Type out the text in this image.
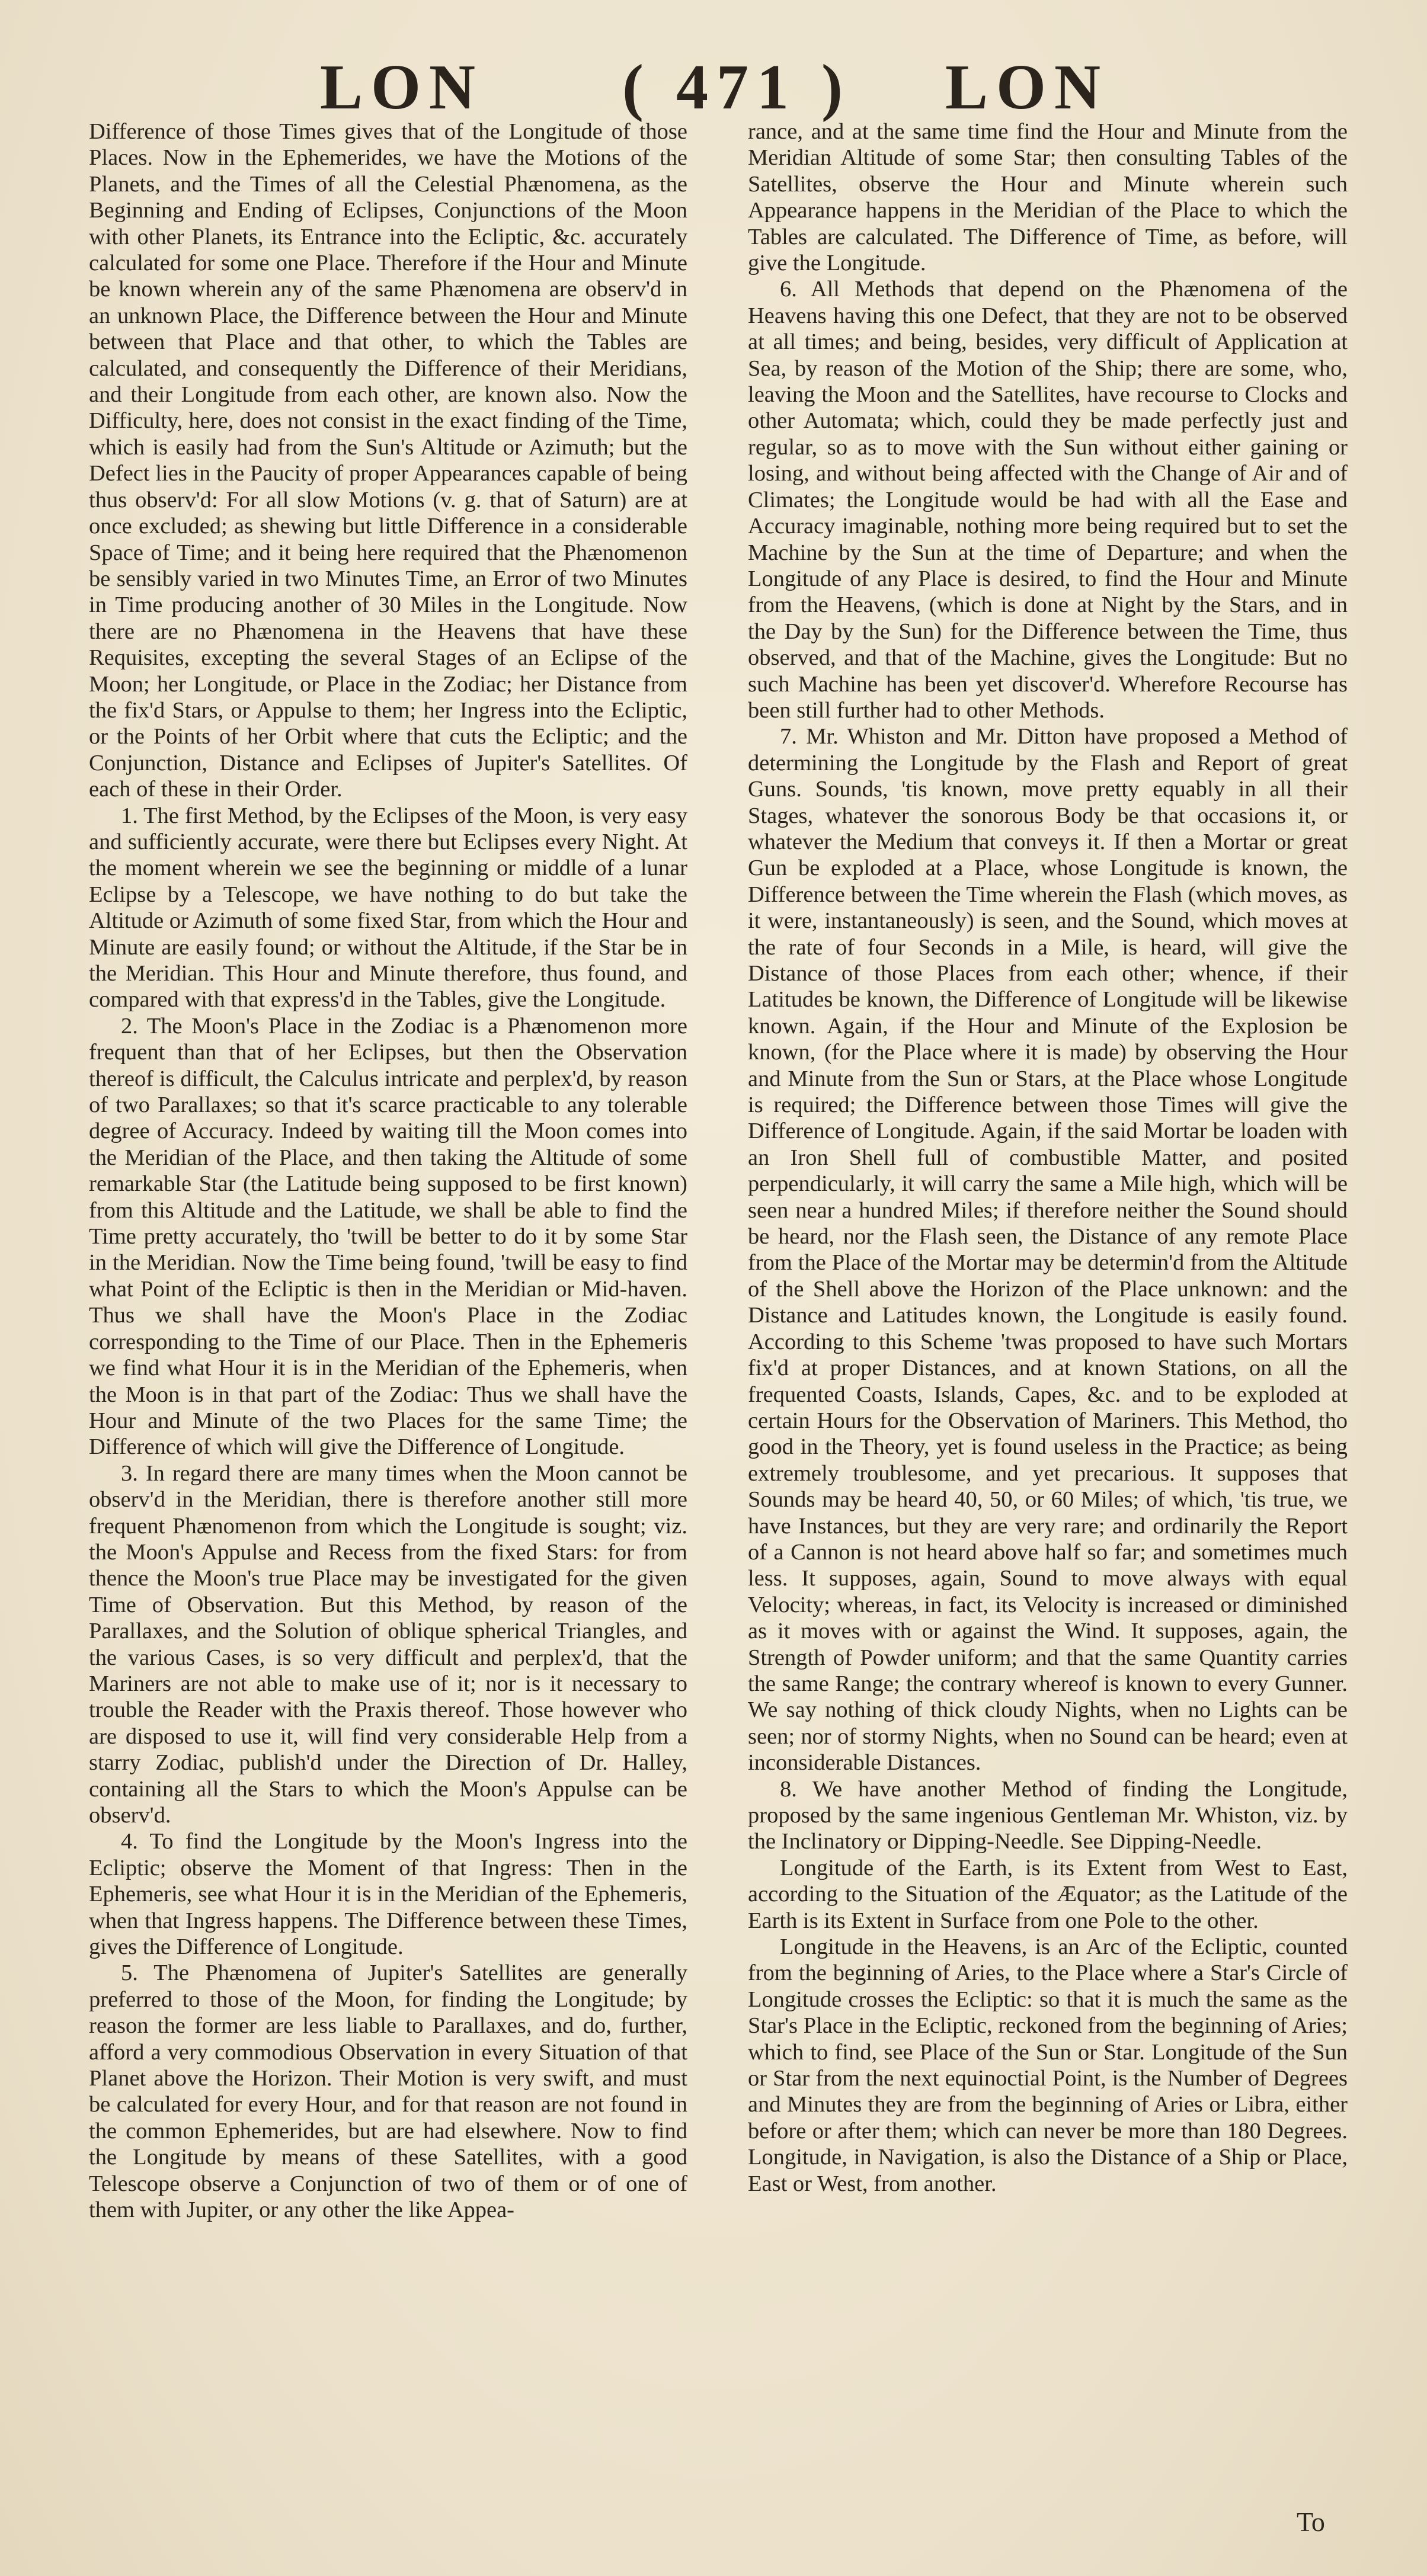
LON ( 471 ) LON

Difference of those Times gives that of the Longitude of those Places. Now in the Ephemerides, we have the Motions of the Planets, and the Times of all the Celestial Phænomena, as the Beginning and Ending of Eclipses, Conjunctions of the Moon with other Planets, its Entrance into the Ecliptic, &c. accurately calculated for some one Place. Therefore if the Hour and Minute be known wherein any of the same Phænomena are observ'd in an unknown Place, the Difference between the Hour and Minute between that Place and that other, to which the Tables are calculated, and consequently the Difference of their Meridians, and their Longitude from each other, are known also. Now the Difficulty, here, does not consist in the exact finding of the Time, which is easily had from the Sun's Altitude or Azimuth; but the Defect lies in the Paucity of proper Appearances capable of being thus observ'd: For all slow Motions (v. g. that of Saturn) are at once excluded; as shewing but little Difference in a considerable Space of Time; and it being here required that the Phænomenon be sensibly varied in two Minutes Time, an Error of two Minutes in Time producing another of 30 Miles in the Longitude. Now there are no Phænomena in the Heavens that have these Requisites, excepting the several Stages of an Eclipse of the Moon; her Longitude, or Place in the Zodiac; her Distance from the fix'd Stars, or Appulse to them; her Ingress into the Ecliptic, or the Points of her Orbit where that cuts the Ecliptic; and the Conjunction, Distance and Eclipses of Jupiter's Satellites. Of each of these in their Order.

1. The first Method, by the Eclipses of the Moon, is very easy and sufficiently accurate, were there but Eclipses every Night. At the moment wherein we see the beginning or middle of a lunar Eclipse by a Telescope, we have nothing to do but take the Altitude or Azimuth of some fixed Star, from which the Hour and Minute are easily found; or without the Altitude, if the Star be in the Meridian. This Hour and Minute therefore, thus found, and compared with that express'd in the Tables, give the Longitude.

2. The Moon's Place in the Zodiac is a Phænomenon more frequent than that of her Eclipses, but then the Observation thereof is difficult, the Calculus intricate and perplex'd, by reason of two Parallaxes; so that it's scarce practicable to any tolerable degree of Accuracy. Indeed by waiting till the Moon comes into the Meridian of the Place, and then taking the Altitude of some remarkable Star (the Latitude being supposed to be first known) from this Altitude and the Latitude, we shall be able to find the Time pretty accurately, tho 'twill be better to do it by some Star in the Meridian. Now the Time being found, 'twill be easy to find what Point of the Ecliptic is then in the Meridian or Mid-haven. Thus we shall have the Moon's Place in the Zodiac corresponding to the Time of our Place. Then in the Ephemeris we find what Hour it is in the Meridian of the Ephemeris, when the Moon is in that part of the Zodiac: Thus we shall have the Hour and Minute of the two Places for the same Time; the Difference of which will give the Difference of Longitude.

3. In regard there are many times when the Moon cannot be observ'd in the Meridian, there is therefore another still more frequent Phænomenon from which the Longitude is sought; viz. the Moon's Appulse and Recess from the fixed Stars: for from thence the Moon's true Place may be investigated for the given Time of Observation. But this Method, by reason of the Parallaxes, and the Solution of oblique spherical Triangles, and the various Cases, is so very difficult and perplex'd, that the Mariners are not able to make use of it; nor is it necessary to trouble the Reader with the Praxis thereof. Those however who are disposed to use it, will find very considerable Help from a starry Zodiac, publish'd under the Direction of Dr. Halley, containing all the Stars to which the Moon's Appulse can be observ'd.

4. To find the Longitude by the Moon's Ingress into the Ecliptic; observe the Moment of that Ingress: Then in the Ephemeris, see what Hour it is in the Meridian of the Ephemeris, when that Ingress happens. The Difference between these Times, gives the Difference of Longitude.

5. The Phænomena of Jupiter's Satellites are generally preferred to those of the Moon, for finding the Longitude; by reason the former are less liable to Parallaxes, and do, further, afford a very commodious Observation in every Situation of that Planet above the Horizon. Their Motion is very swift, and must be calculated for every Hour, and for that reason are not found in the common Ephemerides, but are had elsewhere. Now to find the Longitude by means of these Satellites, with a good Telescope observe a Conjunction of two of them or of one of them with Jupiter, or any other the like Appea-

rance, and at the same time find the Hour and Minute from the Meridian Altitude of some Star; then consulting Tables of the Satellites, observe the Hour and Minute wherein such Appearance happens in the Meridian of the Place to which the Tables are calculated. The Difference of Time, as before, will give the Longitude.

6. All Methods that depend on the Phænomena of the Heavens having this one Defect, that they are not to be observed at all times; and being, besides, very difficult of Application at Sea, by reason of the Motion of the Ship; there are some, who, leaving the Moon and the Satellites, have recourse to Clocks and other Automata; which, could they be made perfectly just and regular, so as to move with the Sun without either gaining or losing, and without being affected with the Change of Air and of Climates; the Longitude would be had with all the Ease and Accuracy imaginable, nothing more being required but to set the Machine by the Sun at the time of Departure; and when the Longitude of any Place is desired, to find the Hour and Minute from the Heavens, (which is done at Night by the Stars, and in the Day by the Sun) for the Difference between the Time, thus observed, and that of the Machine, gives the Longitude: But no such Machine has been yet discover'd. Wherefore Recourse has been still further had to other Methods.

7. Mr. Whiston and Mr. Ditton have proposed a Method of determining the Longitude by the Flash and Report of great Guns. Sounds, 'tis known, move pretty equably in all their Stages, whatever the sonorous Body be that occasions it, or whatever the Medium that conveys it. If then a Mortar or great Gun be exploded at a Place, whose Longitude is known, the Difference between the Time wherein the Flash (which moves, as it were, instantaneously) is seen, and the Sound, which moves at the rate of four Seconds in a Mile, is heard, will give the Distance of those Places from each other; whence, if their Latitudes be known, the Difference of Longitude will be likewise known. Again, if the Hour and Minute of the Explosion be known, (for the Place where it is made) by observing the Hour and Minute from the Sun or Stars, at the Place whose Longitude is required; the Difference between those Times will give the Difference of Longitude. Again, if the said Mortar be loaden with an Iron Shell full of combustible Matter, and posited perpendicularly, it will carry the same a Mile high, which will be seen near a hundred Miles; if therefore neither the Sound should be heard, nor the Flash seen, the Distance of any remote Place from the Place of the Mortar may be determin'd from the Altitude of the Shell above the Horizon of the Place unknown: and the Distance and Latitudes known, the Longitude is easily found. According to this Scheme 'twas proposed to have such Mortars fix'd at proper Distances, and at known Stations, on all the frequented Coasts, Islands, Capes, &c. and to be exploded at certain Hours for the Observation of Mariners. This Method, tho good in the Theory, yet is found useless in the Practice; as being extremely troublesome, and yet precarious. It supposes that Sounds may be heard 40, 50, or 60 Miles; of which, 'tis true, we have Instances, but they are very rare; and ordinarily the Report of a Cannon is not heard above half so far; and sometimes much less. It supposes, again, Sound to move always with equal Velocity; whereas, in fact, its Velocity is increased or diminished as it moves with or against the Wind. It supposes, again, the Strength of Powder uniform; and that the same Quantity carries the same Range; the contrary whereof is known to every Gunner. We say nothing of thick cloudy Nights, when no Lights can be seen; nor of stormy Nights, when no Sound can be heard; even at inconsiderable Distances.

8. We have another Method of finding the Longitude, proposed by the same ingenious Gentleman Mr. Whiston, viz. by the Inclinatory or Dipping-Needle. See Dipping-Needle.

Longitude of the Earth, is its Extent from West to East, according to the Situation of the Æquator; as the Latitude of the Earth is its Extent in Surface from one Pole to the other.

Longitude in the Heavens, is an Arc of the Ecliptic, counted from the beginning of Aries, to the Place where a Star's Circle of Longitude crosses the Ecliptic: so that it is much the same as the Star's Place in the Ecliptic, reckoned from the beginning of Aries; which to find, see Place of the Sun or Star. Longitude of the Sun or Star from the next equinoctial Point, is the Number of Degrees and Minutes they are from the beginning of Aries or Libra, either before or after them; which can never be more than 180 Degrees. Longitude, in Navigation, is also the Distance of a Ship or Place, East or West, from another.

To
